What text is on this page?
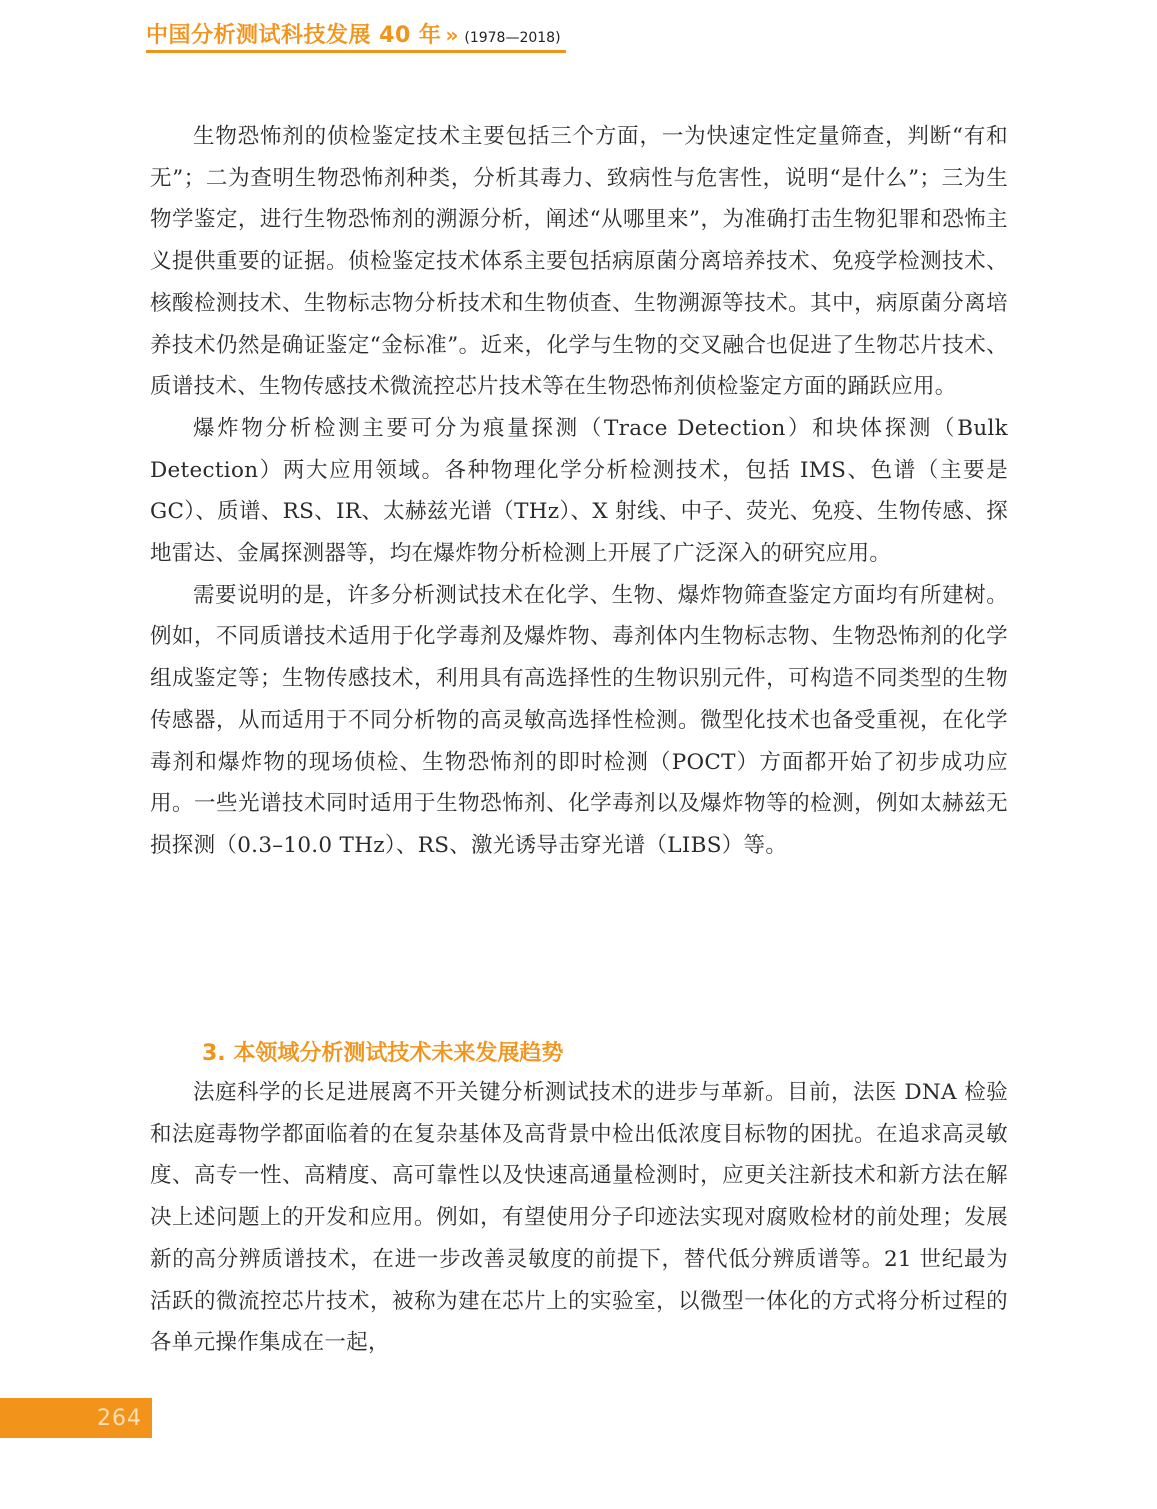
中国分析测试科技发展 40 年 » (1978—2018)

生物恐怖剂的侦检鉴定技术主要包括三个方面，一为快速定性定量筛查，判断“有和无”；二为查明生物恐怖剂种类，分析其毒力、致病性与危害性，说明“是什么”；三为生物学鉴定，进行生物恐怖剂的溯源分析，阐述“从哪里来”，为准确打击生物犯罪和恐怖主义提供重要的证据。侦检鉴定技术体系主要包括病原菌分离培养技术、免疫学检测技术、核酸检测技术、生物标志物分析技术和生物侦查、生物溯源等技术。其中，病原菌分离培养技术仍然是确证鉴定“金标准”。近来，化学与生物的交叉融合也促进了生物芯片技术、质谱技术、生物传感技术微流控芯片技术等在生物恐怖剂侦检鉴定方面的踊跃应用。

爆炸物分析检测主要可分为痕量探测（Trace Detection）和块体探测（Bulk Detection）两大应用领域。各种物理化学分析检测技术，包括 IMS、色谱（主要是 GC）、质谱、RS、IR、太赫兹光谱（THz）、X 射线、中子、荧光、免疫、生物传感、探地雷达、金属探测器等，均在爆炸物分析检测上开展了广泛深入的研究应用。

需要说明的是，许多分析测试技术在化学、生物、爆炸物筛查鉴定方面均有所建树。例如，不同质谱技术适用于化学毒剂及爆炸物、毒剂体内生物标志物、生物恐怖剂的化学组成鉴定等；生物传感技术，利用具有高选择性的生物识别元件，可构造不同类型的生物传感器，从而适用于不同分析物的高灵敏高选择性检测。微型化技术也备受重视，在化学毒剂和爆炸物的现场侦检、生物恐怖剂的即时检测（POCT）方面都开始了初步成功应用。一些光谱技术同时适用于生物恐怖剂、化学毒剂以及爆炸物等的检测，例如太赫兹无损探测（0.3–10.0 THz）、RS、激光诱导击穿光谱（LIBS）等。

3. 本领域分析测试技术未来发展趋势

法庭科学的长足进展离不开关键分析测试技术的进步与革新。目前，法医 DNA 检验和法庭毒物学都面临着的在复杂基体及高背景中检出低浓度目标物的困扰。在追求高灵敏度、高专一性、高精度、高可靠性以及快速高通量检测时，应更关注新技术和新方法在解决上述问题上的开发和应用。例如，有望使用分子印迹法实现对腐败检材的前处理；发展新的高分辨质谱技术，在进一步改善灵敏度的前提下，替代低分辨质谱等。21 世纪最为活跃的微流控芯片技术，被称为建在芯片上的实验室，以微型一体化的方式将分析过程的各单元操作集成在一起，

264
